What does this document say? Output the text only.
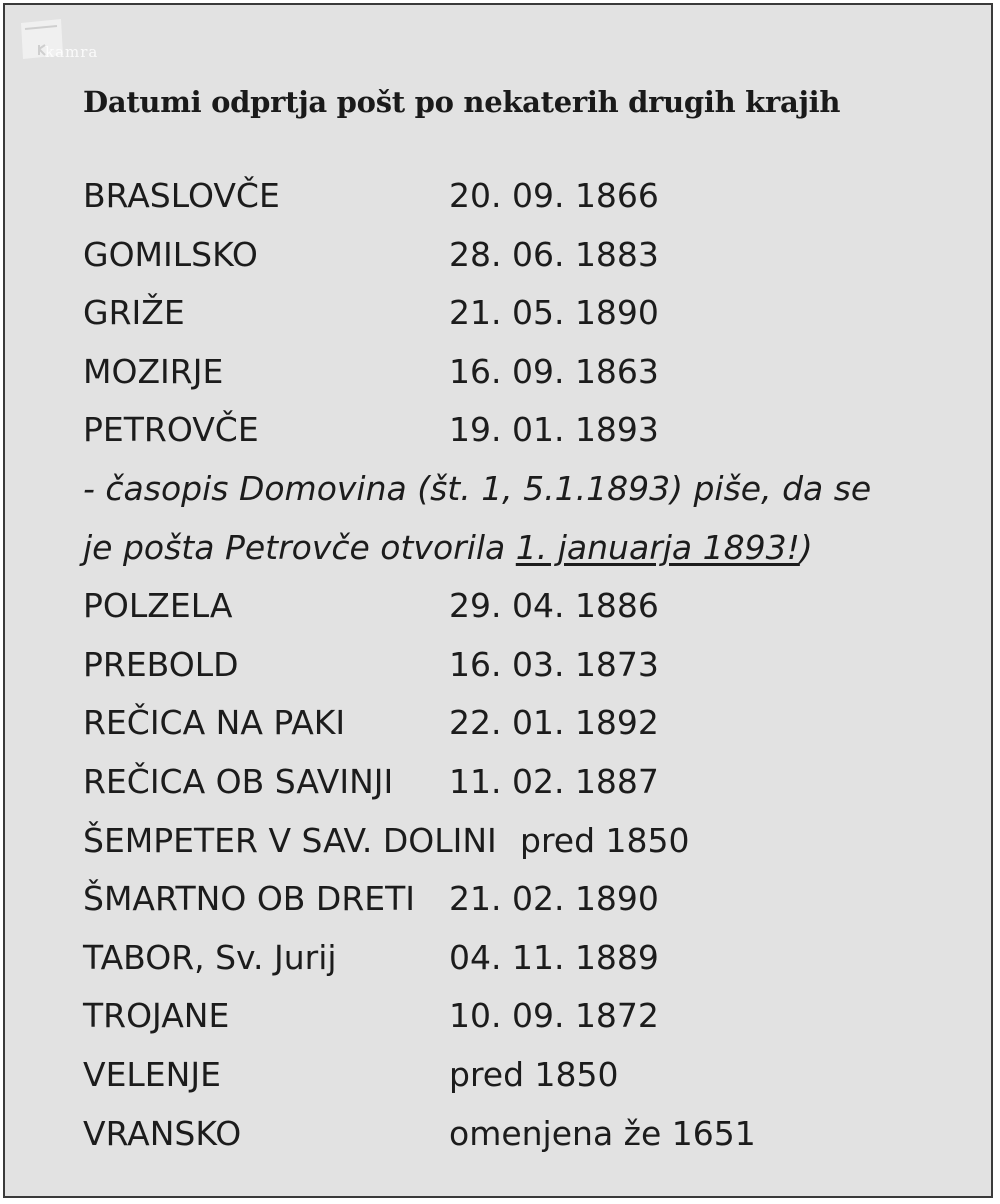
kamra
Datumi odprtja pošt po nekaterih drugih krajih
BRASLOVČE	20. 09. 1866
GOMILSKO	28. 06. 1883
GRIŽE	21. 05. 1890
MOZIRJE	16. 09. 1863
PETROVČE	19. 01. 1893
- časopis Domovina (št. 1, 5.1.1893) piše, da se
je pošta Petrovče otvorila 1. januarja 1893!)
POLZELA	29. 04. 1886
PREBOLD	16. 03. 1873
REČICA NA PAKI	22. 01. 1892
REČICA OB SAVINJI 11. 02. 1887
ŠEMPETER V SAV. DOLINI pred 1850
ŠMARTNO OB DRETI 21. 02. 1890
TABOR, Sv. Jurij	04. 11. 1889
TROJANE	10. 09. 1872
VELENJE	pred 1850
VRANSKO	omenjena že 1651
